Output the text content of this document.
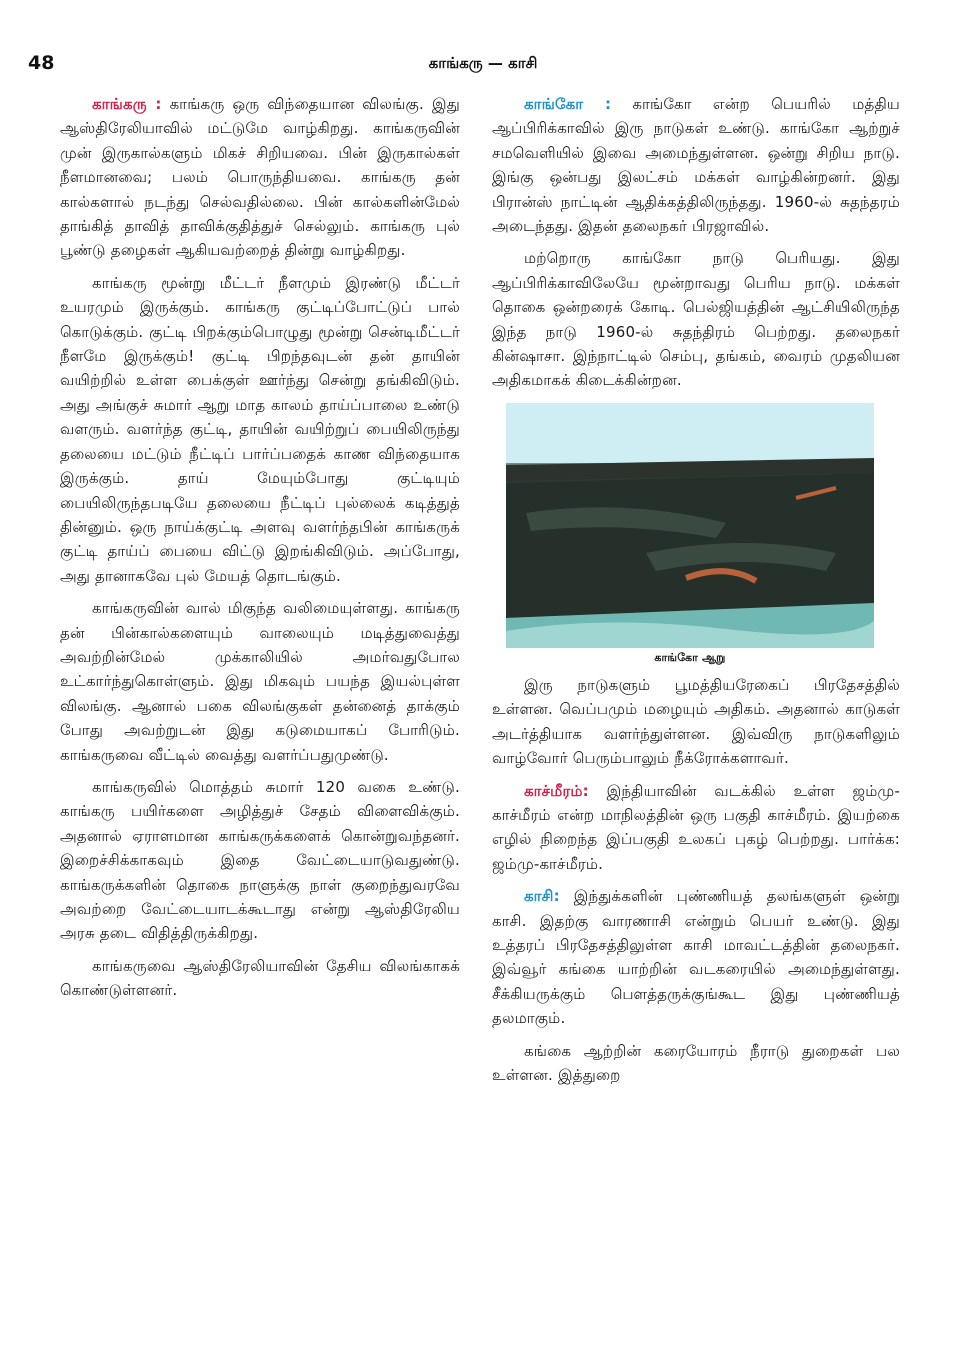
48	காங்கரு — காசி

காங்கரு : காங்கரு ஒரு விந்தையான விலங்கு. இது ஆஸ்திரேலியாவில் மட்டுமே வாழ்கிறது. காங்கருவின் முன் இருகால்களும் மிகச் சிறியவை. பின் இருகால்கள் நீளமானவை; பலம் பொருந்தியவை. காங்கரு தன் கால்களால் நடந்து செல்வதில்லை. பின் கால்களின்மேல் தாங்கித் தாவித் தாவிக்குதித்துச் செல்லும். காங்கரு புல் பூண்டு தழைகள் ஆகியவற்றைத் தின்று வாழ்கிறது.

காங்கரு மூன்று மீட்டர் நீளமும் இரண்டு மீட்டர் உயரமும் இருக்கும். காங்கரு குட்டிப்போட்டுப் பால் கொடுக்கும். குட்டி பிறக்கும்பொழுது மூன்று சென்டிமீட்டர் நீளமே இருக்கும்! குட்டி பிறந்தவுடன் தன் தாயின் வயிற்றில் உள்ள பைக்குள் ஊர்ந்து சென்று தங்கிவிடும். அது அங்குச் சுமார் ஆறு மாத காலம் தாய்ப்பாலை உண்டு வளரும். வளர்ந்த குட்டி, தாயின் வயிற்றுப் பையிலிருந்து தலையை மட்டும் நீட்டிப் பார்ப்பதைக் காண விந்தையாக இருக்கும். தாய் மேயும்போது குட்டியும் பையிலிருந்தபடியே தலையை நீட்டிப் புல்லைக் கடித்துத் தின்னும். ஒரு நாய்க்குட்டி அளவு வளர்ந்தபின் காங்கருக் குட்டி தாய்ப் பையை விட்டு இறங்கிவிடும். அப்போது, அது தானாகவே புல் மேயத் தொடங்கும்.

காங்கருவின் வால் மிகுந்த வலிமையுள்ளது. காங்கரு தன் பின்கால்களையும் வாலையும் மடித்துவைத்து அவற்றின்மேல் முக்காலியில் அமர்வதுபோல உட்கார்ந்துகொள்ளும். இது மிகவும் பயந்த இயல்புள்ள விலங்கு. ஆனால் பகை விலங்குகள் தன்னைத் தாக்கும் போது அவற்றுடன் இது கடுமையாகப் போரிடும். காங்கருவை வீட்டில் வைத்து வளர்ப்பதுமுண்டு.

காங்கருவில் மொத்தம் சுமார் 120 வகை உண்டு. காங்கரு பயிர்களை அழித்துச் சேதம் விளைவிக்கும். அதனால் ஏராளமான காங்கருக்களைக் கொன்றுவந்தனர். இறைச்சிக்காகவும் இதை வேட்டையாடுவதுண்டு. காங்கருக்களின் தொகை நாளுக்கு நாள் குறைந்துவரவே அவற்றை வேட்டையாடக்கூடாது என்று ஆஸ்திரேலிய அரசு தடை விதித்திருக்கிறது.

காங்கருவை ஆஸ்திரேலியாவின் தேசிய விலங்காகக் கொண்டுள்ளனர்.

காங்கோ : காங்கோ என்ற பெயரில் மத்திய ஆப்பிரிக்காவில் இரு நாடுகள் உண்டு. காங்கோ ஆற்றுச் சமவெளியில் இவை அமைந்துள்ளன. ஒன்று சிறிய நாடு. இங்கு ஒன்பது இலட்சம் மக்கள் வாழ்கின்றனர். இது பிரான்ஸ் நாட்டின் ஆதிக்கத்திலிருந்தது. 1960-ல் சுதந்தரம் அடைந்தது. இதன் தலைநகர் பிரஜாவில்.

மற்றொரு காங்கோ நாடு பெரியது. இது ஆப்பிரிக்காவிலேயே மூன்றாவது பெரிய நாடு. மக்கள் தொகை ஒன்றரைக் கோடி. பெல்ஜியத்தின் ஆட்சியிலிருந்த இந்த நாடு 1960-ல் சுதந்திரம் பெற்றது. தலைநகர் கின்ஷாசா. இந்நாட்டில் செம்பு, தங்கம், வைரம் முதலியன அதிகமாகக் கிடைக்கின்றன.

காங்கோ ஆறு

இரு நாடுகளும் பூமத்தியரேகைப் பிரதேசத்தில் உள்ளன. வெப்பமும் மழையும் அதிகம். அதனால் காடுகள் அடர்த்தியாக வளர்ந்துள்ளன. இவ்விரு நாடுகளிலும் வாழ்வோர் பெரும்பாலும் நீக்ரோக்களாவர்.

காச்மீரம்: இந்தியாவின் வடக்கில் உள்ள ஜம்மு-காச்மீரம் என்ற மாநிலத்தின் ஒரு பகுதி காச்மீரம். இயற்கை எழில் நிறைந்த இப்பகுதி உலகப் புகழ் பெற்றது. பார்க்க: ஜம்மு-காச்மீரம்.

காசி: இந்துக்களின் புண்ணியத் தலங்களுள் ஒன்று காசி. இதற்கு வாரணாசி என்றும் பெயர் உண்டு. இது உத்தரப் பிரதேசத்திலுள்ள காசி மாவட்டத்தின் தலைநகர். இவ்வூர் கங்கை யாற்றின் வடகரையில் அமைந்துள்ளது. சீக்கியருக்கும் பௌத்தருக்குங்கூட இது புண்ணியத் தலமாகும்.

கங்கை ஆற்றின் கரையோரம் நீராடு துறைகள் பல உள்ளன. இத்துறை
